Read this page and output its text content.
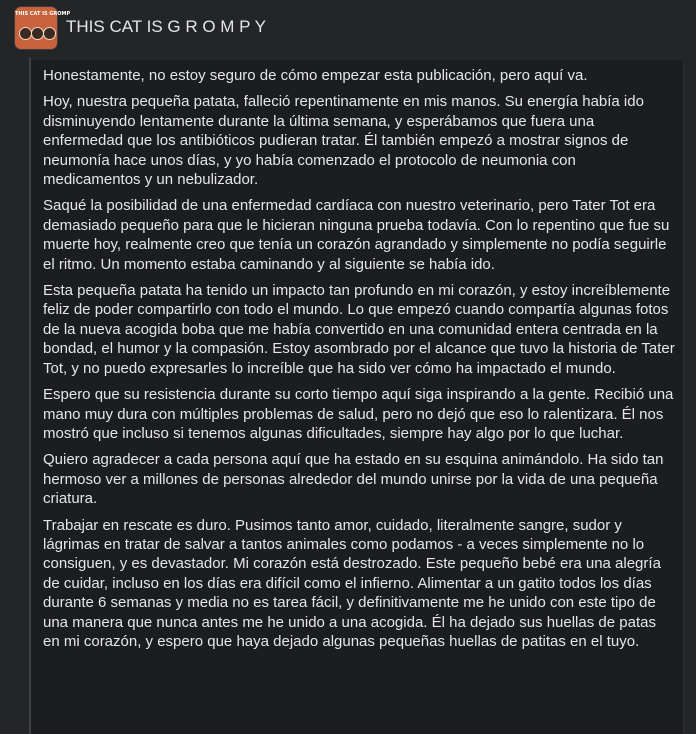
THIS CAT IS GROMP
THIS CAT IS G R O M P Y

Honestamente, no estoy seguro de cómo empezar esta publicación, pero aquí va.

Hoy, nuestra pequeña patata, falleció repentinamente en mis manos. Su energía había ido disminuyendo lentamente durante la última semana, y esperábamos que fuera una enfermedad que los antibióticos pudieran tratar. Él también empezó a mostrar signos de neumonía hace unos días, y yo había comenzado el protocolo de neumonia con medicamentos y un nebulizador.

Saqué la posibilidad de una enfermedad cardíaca con nuestro veterinario, pero Tater Tot era demasiado pequeño para que le hicieran ninguna prueba todavía. Con lo repentino que fue su muerte hoy, realmente creo que tenía un corazón agrandado y simplemente no podía seguirle el ritmo. Un momento estaba caminando y al siguiente se había ido.

Esta pequeña patata ha tenido un impacto tan profundo en mi corazón, y estoy increíblemente feliz de poder compartirlo con todo el mundo. Lo que empezó cuando compartía algunas fotos de la nueva acogida boba que me había convertido en una comunidad entera centrada en la bondad, el humor y la compasión. Estoy asombrado por el alcance que tuvo la historia de Tater Tot, y no puedo expresarles lo increíble que ha sido ver cómo ha impactado el mundo.

Espero que su resistencia durante su corto tiempo aquí siga inspirando a la gente. Recibió una mano muy dura con múltiples problemas de salud, pero no dejó que eso lo ralentizara. Él nos mostró que incluso si tenemos algunas dificultades, siempre hay algo por lo que luchar.

Quiero agradecer a cada persona aquí que ha estado en su esquina animándolo. Ha sido tan hermoso ver a millones de personas alrededor del mundo unirse por la vida de una pequeña criatura.

Trabajar en rescate es duro. Pusimos tanto amor, cuidado, literalmente sangre, sudor y lágrimas en tratar de salvar a tantos animales como podamos - a veces simplemente no lo consiguen, y es devastador. Mi corazón está destrozado. Este pequeño bebé era una alegría de cuidar, incluso en los días era difícil como el infierno. Alimentar a un gatito todos los días durante 6 semanas y media no es tarea fácil, y definitivamente me he unido con este tipo de una manera que nunca antes me he unido a una acogida. Él ha dejado sus huellas de patas en mi corazón, y espero que haya dejado algunas pequeñas huellas de patitas en el tuyo.
